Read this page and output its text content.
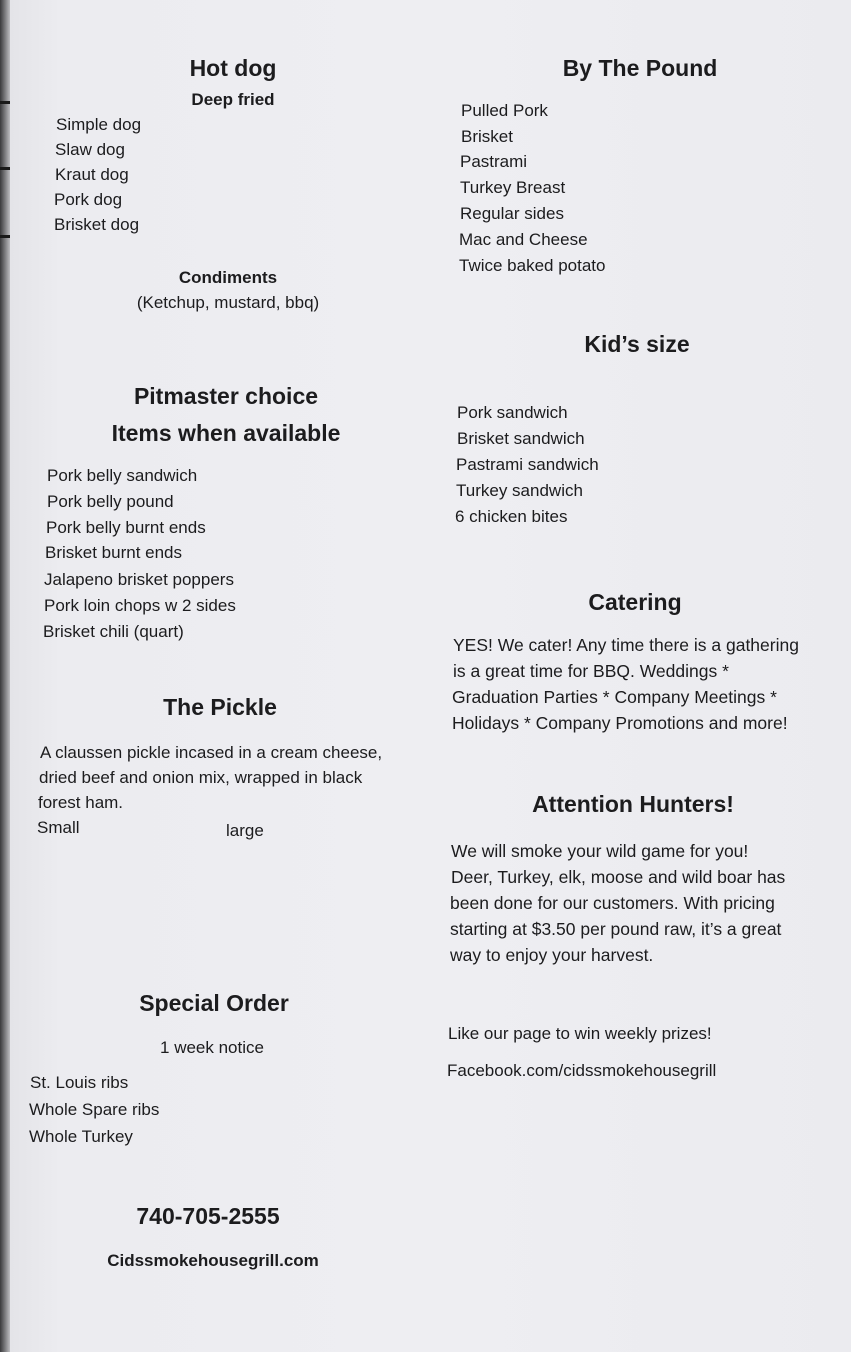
Hot dog
Deep fried
Simple dog
Slaw dog
Kraut dog
Pork dog
Brisket dog
Condiments
(Ketchup, mustard, bbq)
Pitmaster choice
Items when available
Pork belly sandwich
Pork belly pound
Pork belly burnt ends
Brisket burnt ends
Jalapeno brisket poppers
Pork loin chops w 2 sides
Brisket chili (quart)
The Pickle
A claussen pickle incased in a cream cheese,
dried beef and onion mix, wrapped in black
forest ham.
Small	large
Special Order
1 week notice
St. Louis ribs
Whole Spare ribs
Whole Turkey
740-705-2555
Cidssmokehousegrill.com
By The Pound
Pulled Pork
Brisket
Pastrami
Turkey Breast
Regular sides
Mac and Cheese
Twice baked potato
Kid’s size
Pork sandwich
Brisket sandwich
Pastrami sandwich
Turkey sandwich
6 chicken bites
Catering
YES! We cater! Any time there is a gathering
is a great time for BBQ. Weddings *
Graduation Parties * Company Meetings *
Holidays * Company Promotions and more!
Attention Hunters!
We will smoke your wild game for you!
Deer, Turkey, elk, moose and wild boar has
been done for our customers. With pricing
starting at $3.50 per pound raw, it’s a great
way to enjoy your harvest.
Like our page to win weekly prizes!
Facebook.com/cidssmokehousegrill
